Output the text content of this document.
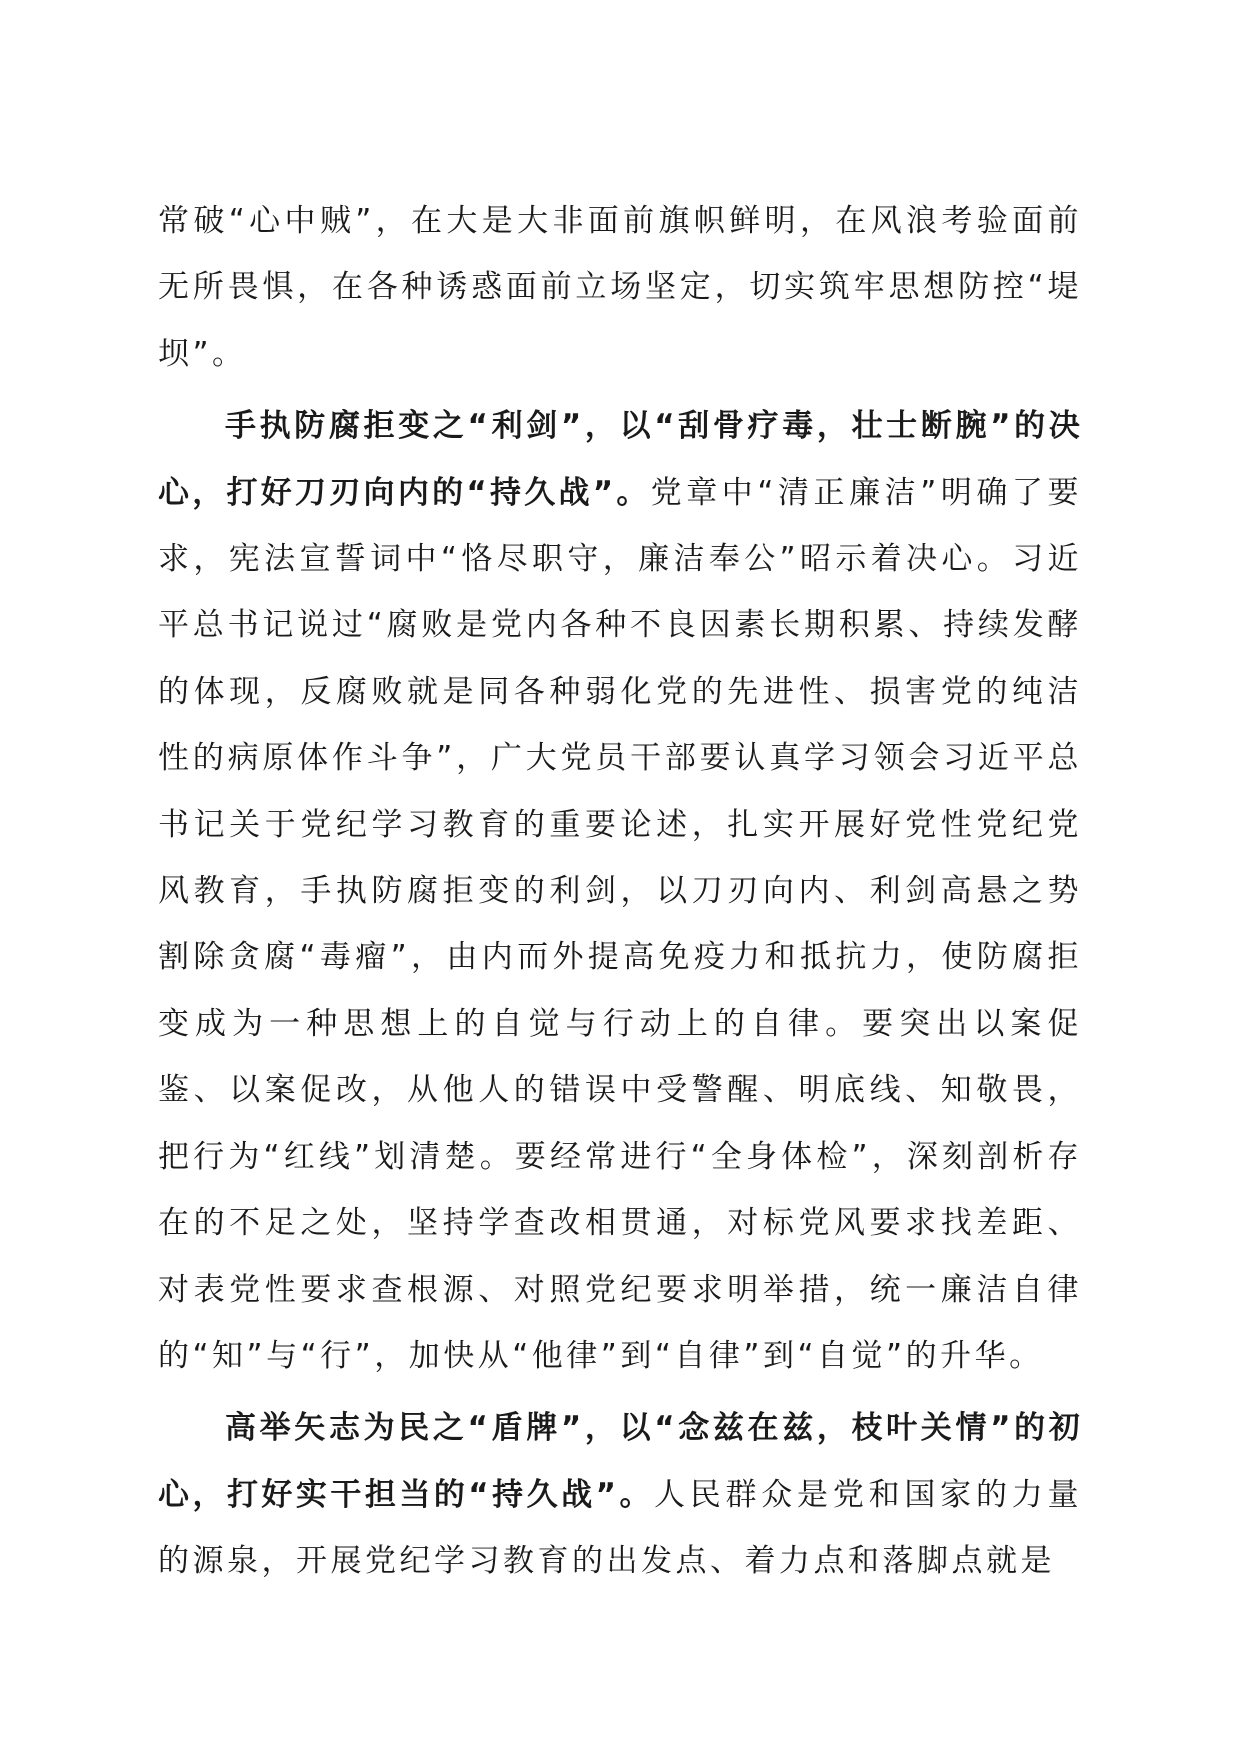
常破“心中贼”，在大是大非面前旗帜鲜明，在风浪考验面前无所畏惧，在各种诱惑面前立场坚定，切实筑牢思想防控“堤坝”。

手执防腐拒变之“利剑”，以“刮骨疗毒，壮士断腕”的决心，打好刀刃向内的“持久战”。党章中“清正廉洁”明确了要求，宪法宣誓词中“恪尽职守，廉洁奉公”昭示着决心。习近平总书记说过“腐败是党内各种不良因素长期积累、持续发酵的体现，反腐败就是同各种弱化党的先进性、损害党的纯洁性的病原体作斗争”，广大党员干部要认真学习领会习近平总书记关于党纪学习教育的重要论述，扎实开展好党性党纪党风教育，手执防腐拒变的利剑，以刀刃向内、利剑高悬之势割除贪腐“毒瘤”，由内而外提高免疫力和抵抗力，使防腐拒变成为一种思想上的自觉与行动上的自律。要突出以案促鉴、以案促改，从他人的错误中受警醒、明底线、知敬畏，把行为“红线”划清楚。要经常进行“全身体检”，深刻剖析存在的不足之处，坚持学查改相贯通，对标党风要求找差距、对表党性要求查根源、对照党纪要求明举措，统一廉洁自律的“知”与“行”，加快从“他律”到“自律”到“自觉”的升华。

高举矢志为民之“盾牌”，以“念兹在兹，枝叶关情”的初心，打好实干担当的“持久战”。人民群众是党和国家的力量的源泉，开展党纪学习教育的出发点、着力点和落脚点就是
